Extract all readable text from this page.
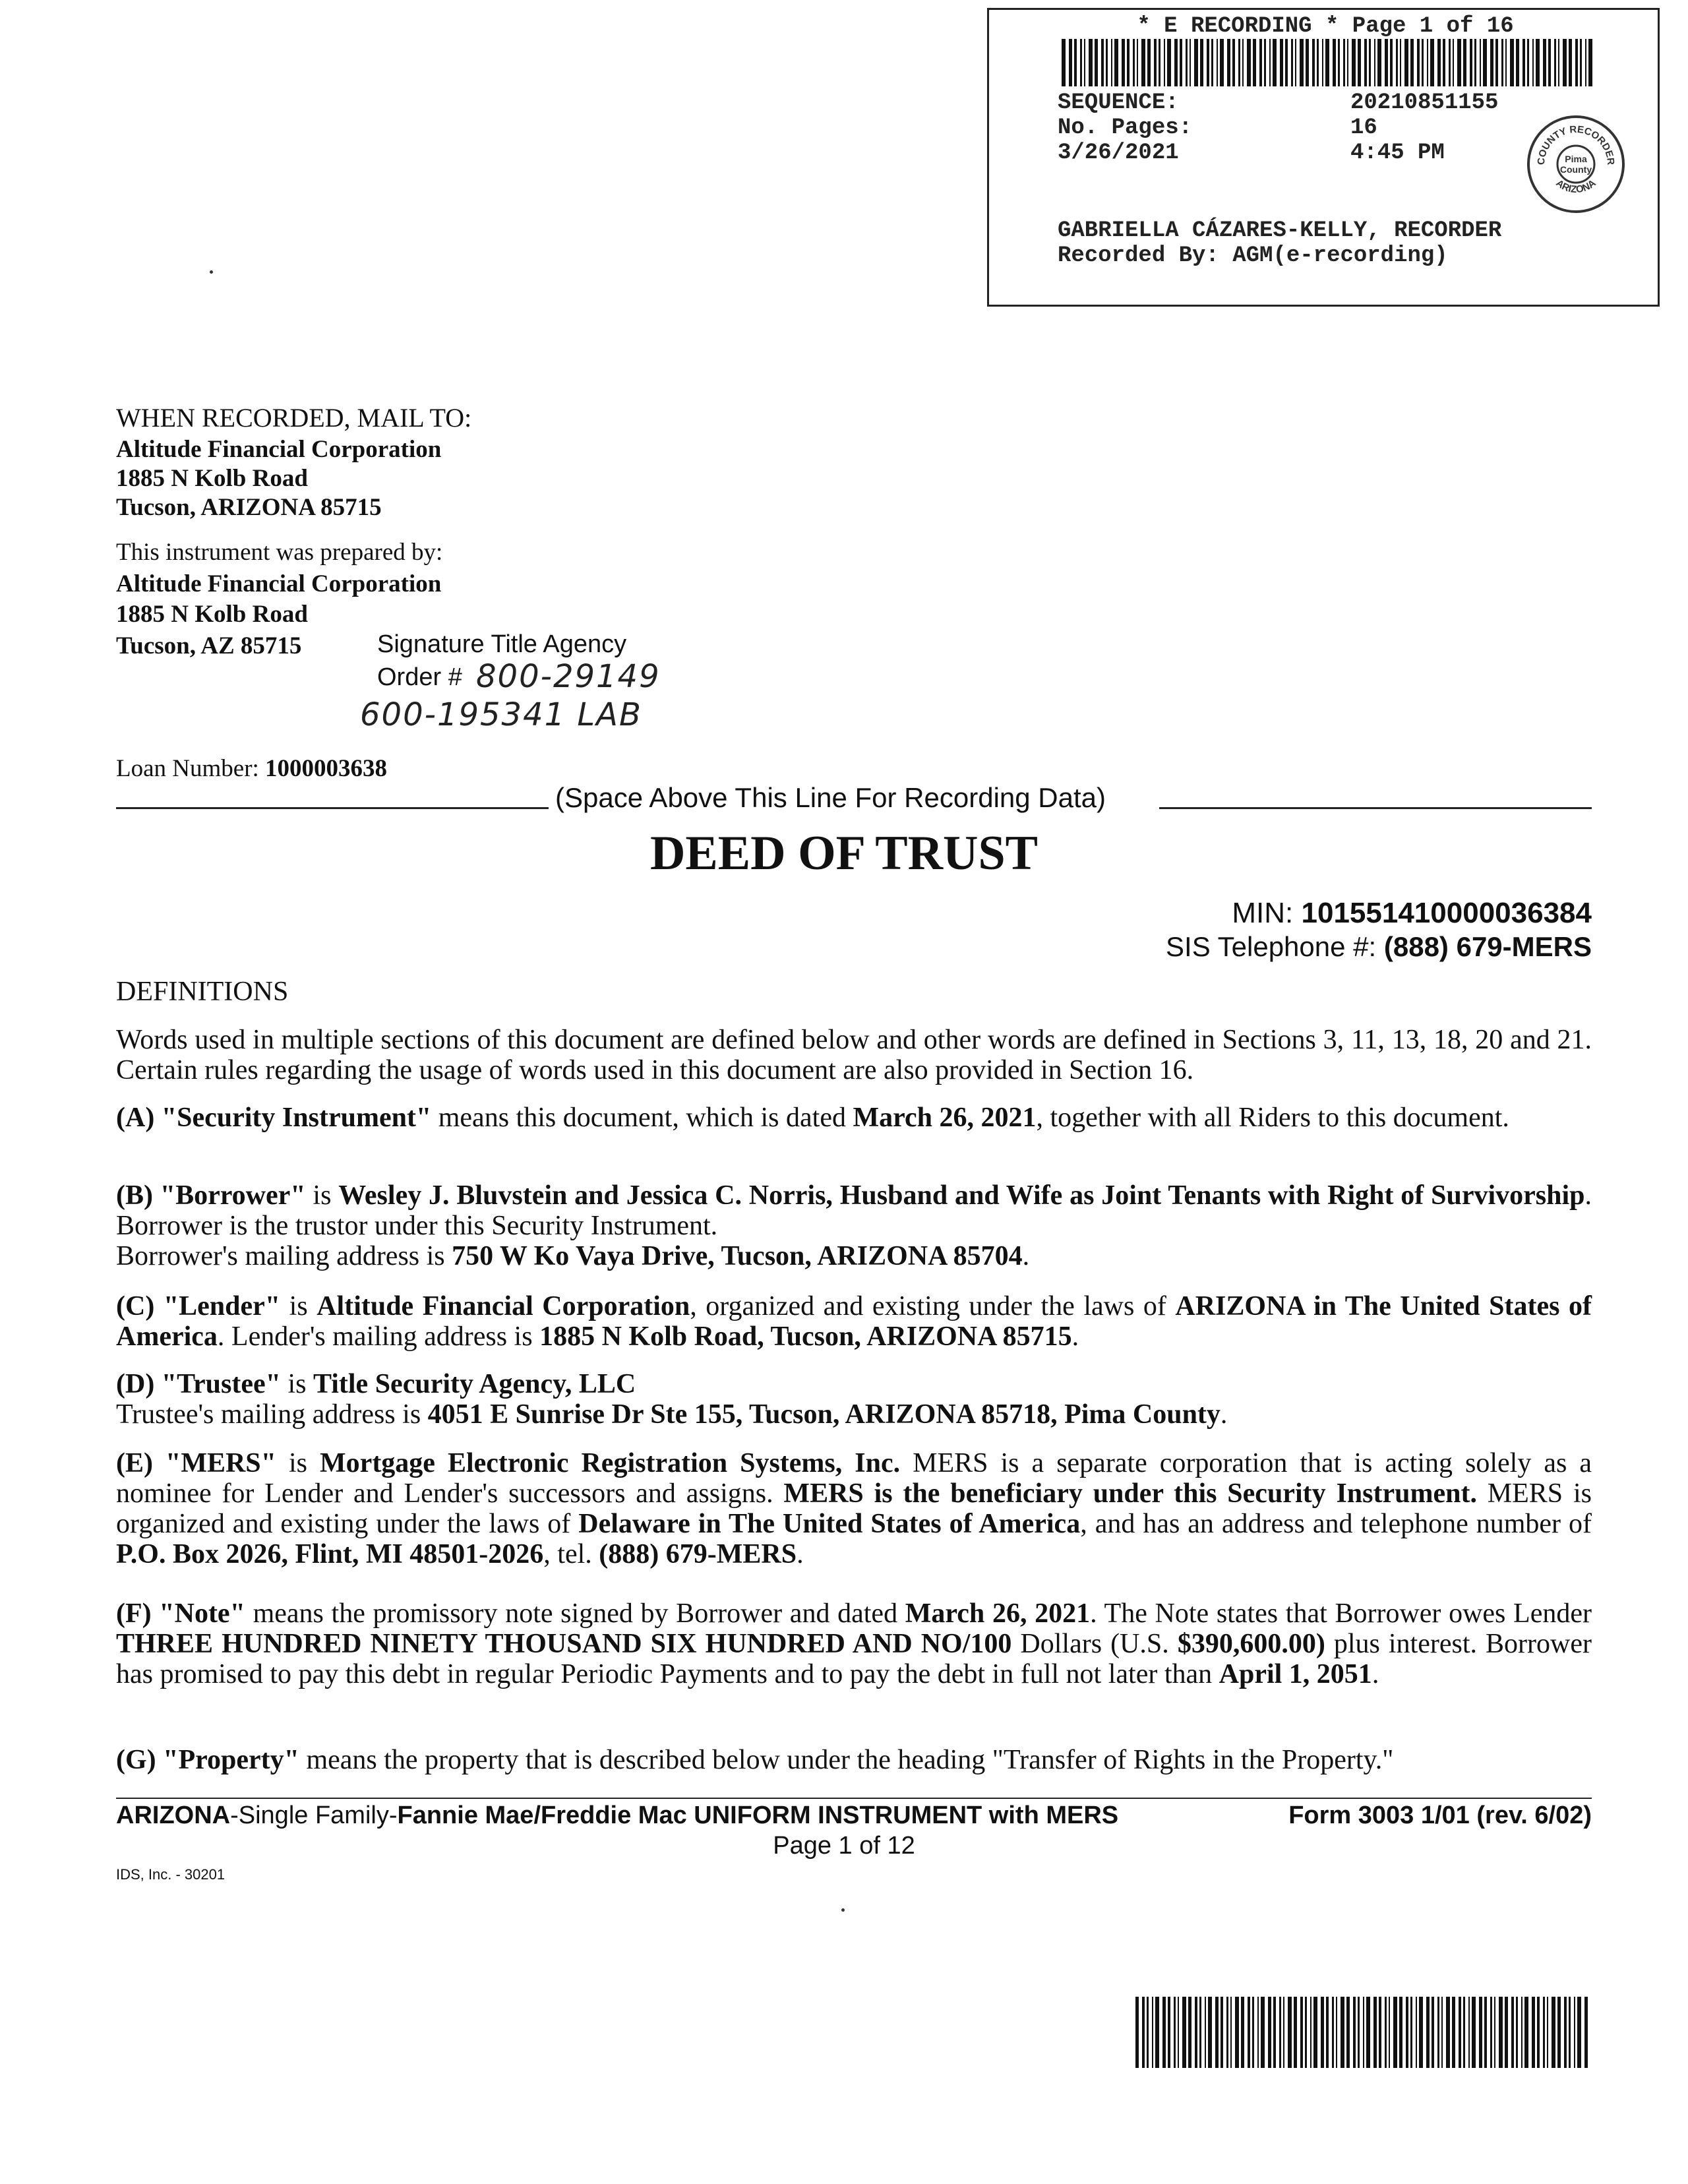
* E RECORDING * Page 1 of 16
SEQUENCE:	20210851155
No. Pages:	16
3/26/2021	4:45 PM	COUNTY RECORDER
ARIZONA
Pima
County
GABRIELLA CÁZARES-KELLY, RECORDER
Recorded By: AGM(e-recording)
WHEN RECORDED, MAIL TO:
Altitude Financial Corporation
1885 N Kolb Road
Tucson, ARIZONA 85715
This instrument was prepared by:
Altitude Financial Corporation
1885 N Kolb Road
Tucson, AZ 85715	Signature Title Agency
Order # 800-29149
600-195341 LAB
Loan Number: 1000003638
(Space Above This Line For Recording Data)
DEED OF TRUST
MIN: 1015514100000363​84
SIS Telephone #: (888) 679-MERS
DEFINITIONS
Words used in multiple sections of this document are defined below and other words are defined in Sections 3, 11, 13, 18, 20 and 21. Certain rules regarding the usage of words used in this document are also provided in Section 16.
(A) "Security Instrument" means this document, which is dated March 26, 2021, together with all Riders to this document.
(B) "Borrower" is Wesley J. Bluvstein and Jessica C. Norris, Husband and Wife as Joint Tenants with Right of Survivorship. Borrower is the trustor under this Security Instrument.
Borrower's mailing address is 750 W Ko Vaya Drive, Tucson, ARIZONA 85704.
(C) "Lender" is Altitude Financial Corporation, organized and existing under the laws of ARIZONA in The United States of America. Lender's mailing address is 1885 N Kolb Road, Tucson, ARIZONA 85715.
(D) "Trustee" is Title Security Agency, LLC
Trustee's mailing address is 4051 E Sunrise Dr Ste 155, Tucson, ARIZONA 85718, Pima County.
(E) "MERS" is Mortgage Electronic Registration Systems, Inc. MERS is a separate corporation that is acting solely as a nominee for Lender and Lender's successors and assigns. MERS is the beneficiary under this Security Instrument. MERS is organized and existing under the laws of Delaware in The United States of America, and has an address and telephone number of P.O. Box 2026, Flint, MI 48501-2026, tel. (888) 679-MERS.
(F) "Note" means the promissory note signed by Borrower and dated March 26, 2021. The Note states that Borrower owes Lender THREE HUNDRED NINETY THOUSAND SIX HUNDRED AND NO/100 Dollars (U.S. $390,600.00) plus interest. Borrower has promised to pay this debt in regular Periodic Payments and to pay the debt in full not later than April 1, 2051.
(G) "Property" means the property that is described below under the heading "Transfer of Rights in the Property."
ARIZONA-Single Family-Fannie Mae/Freddie Mac UNIFORM INSTRUMENT with MERS	Form 3003 1/01 (rev. 6/02)
Page 1 of 12
IDS, Inc. - 30201
